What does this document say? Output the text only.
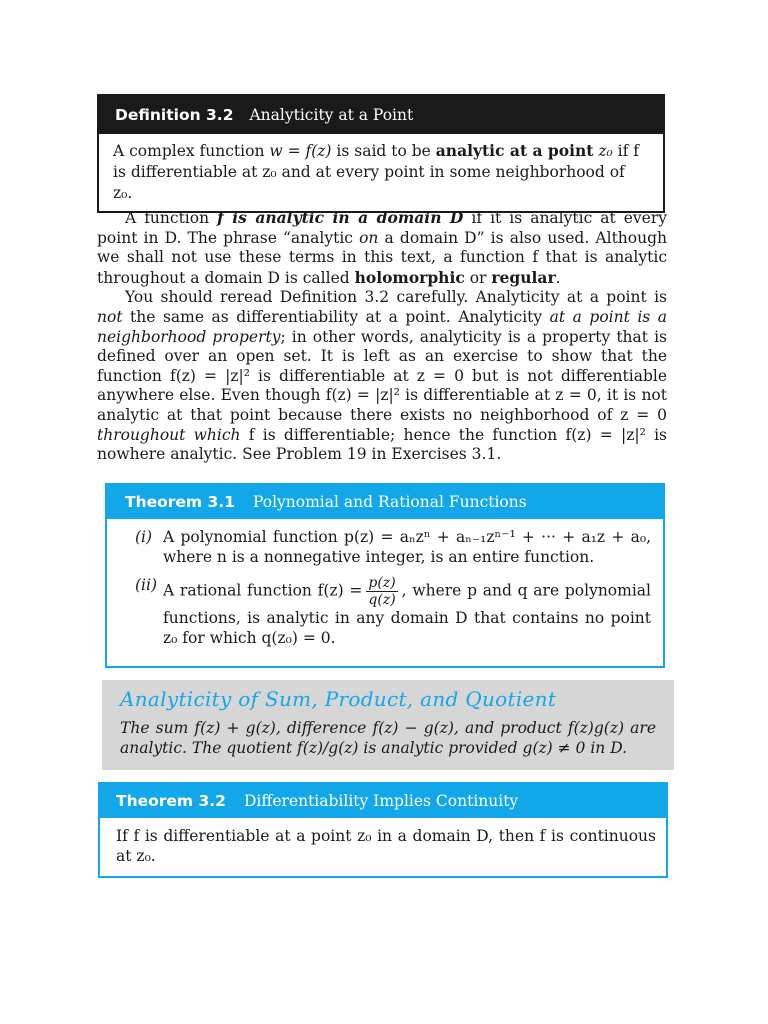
Definition 3.2 Analyticity at a Point
A complex function w = f(z) is said to be analytic at a point z₀ if f is differentiable at z₀ and at every point in some neighborhood of z₀.

A function f is analytic in a domain D if it is analytic at every point in D. The phrase “analytic on a domain D” is also used. Although we shall not use these terms in this text, a function f that is analytic throughout a domain D is called holomorphic or regular.

You should reread Definition 3.2 carefully. Analyticity at a point is not the same as differentiability at a point. Analyticity at a point is a neighborhood property; in other words, analyticity is a property that is defined over an open set. It is left as an exercise to show that the function f(z) = |z|² is differentiable at z = 0 but is not differentiable anywhere else. Even though f(z) = |z|² is differentiable at z = 0, it is not analytic at that point because there exists no neighborhood of z = 0 throughout which f is differentiable; hence the function f(z) = |z|² is nowhere analytic. See Problem 19 in Exercises 3.1.

Theorem 3.1 Polynomial and Rational Functions
(i) A polynomial function p(z) = aₙzⁿ + aₙ₋₁zⁿ⁻¹ + ··· + a₁z + a₀, where n is a nonnegative integer, is an entire function.
(ii) A rational function $f(z) = \frac{p(z)}{q(z)}$ , where p and q are polynomial functions, is analytic in any domain D that contains no point z₀ for which q(z₀) = 0.
Analyticity of Sum, Product, and Quotient
The sum f(z) + g(z), difference f(z) − g(z), and product f(z)g(z) are analytic. The quotient f(z)/g(z) is analytic provided g(z) ≠ 0 in D.
Theorem 3.2 Differentiability Implies Continuity
If f is differentiable at a point z₀ in a domain D, then f is continuous at z₀.
